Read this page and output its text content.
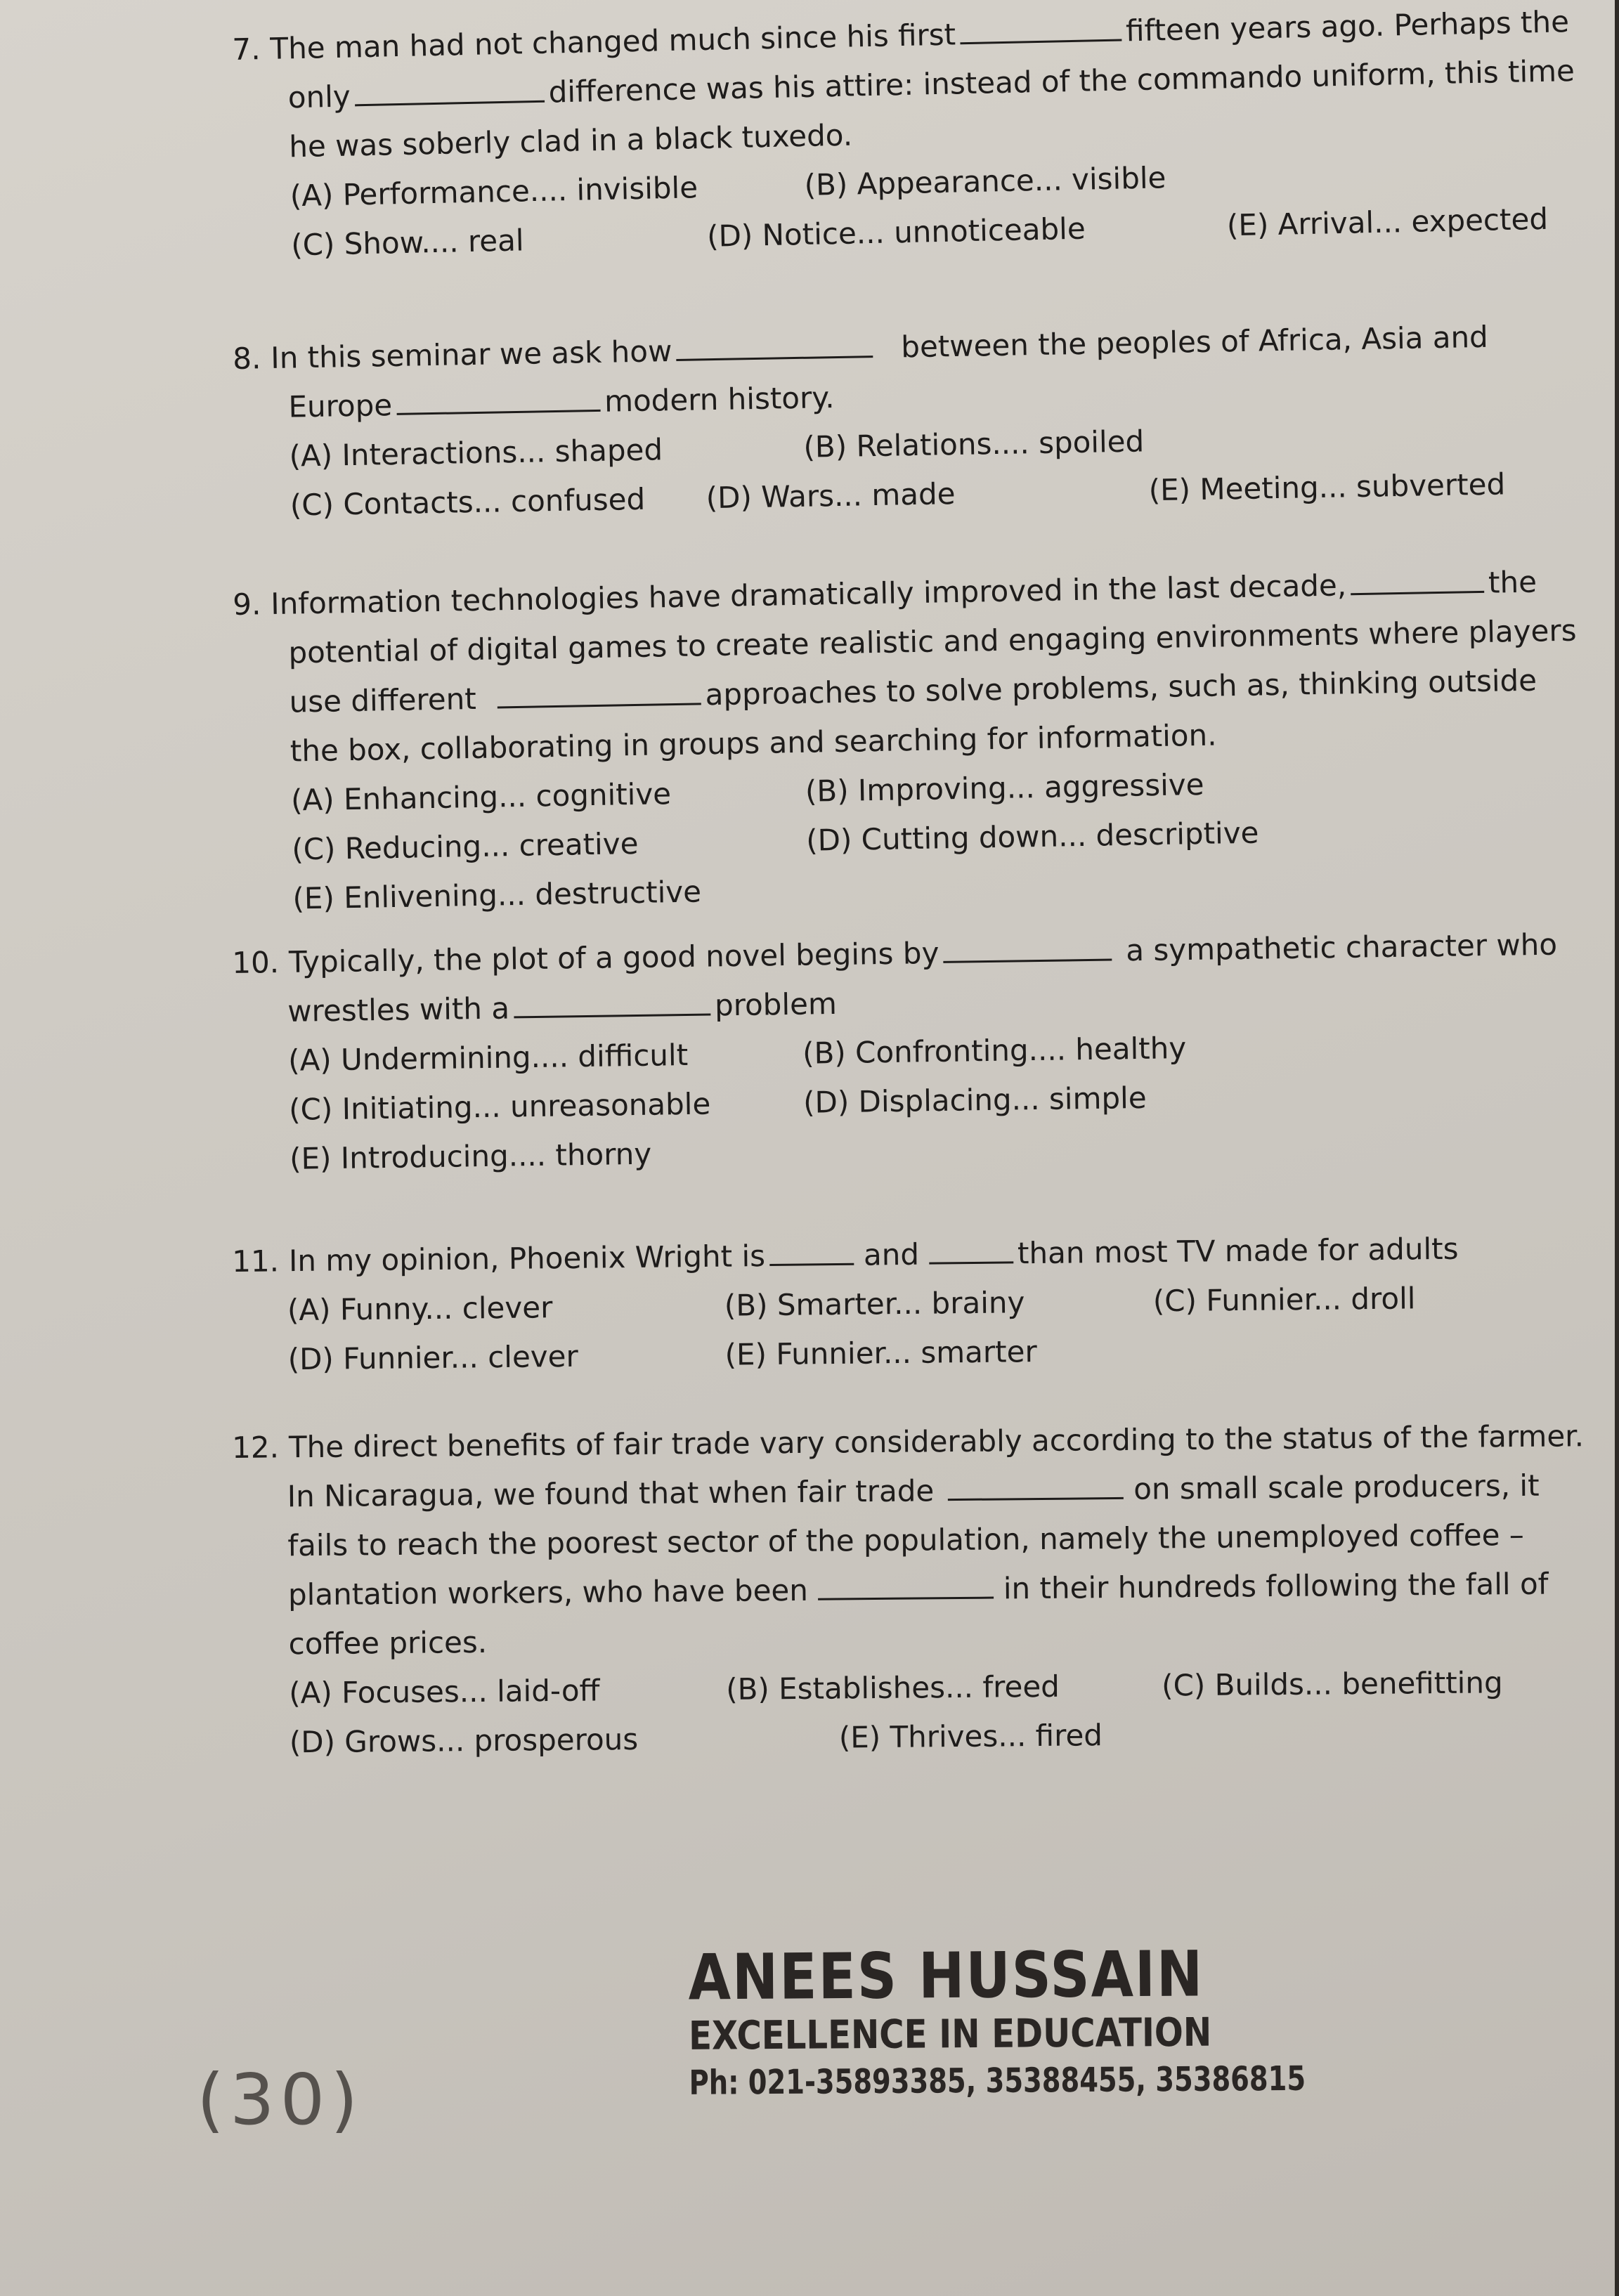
7. The man had not changed much since his first	fifteen years ago. Perhaps the
only	difference was his attire: instead of the commando uniform, this time
he was soberly clad in a black tuxedo.
(A) Performance.... invisible	(B) Appearance... visible
(C) Show.... real	(D) Notice... unnoticeable	(E) Arrival... expected
8. In this seminar we ask how	between the peoples of Africa, Asia and
Europe	modern history.
(A) Interactions... shaped	(B) Relations.... spoiled
(C) Contacts... confused (D) Wars... made	(E) Meeting... subverted
9. Information technologies have dramatically improved in the last decade,	the
potential of digital games to create realistic and engaging environments where players
use different	approaches to solve problems, such as, thinking outside
the box, collaborating in groups and searching for information.
(A) Enhancing... cognitive	(B) Improving... aggressive
(C) Reducing... creative	(D) Cutting down... descriptive
(E) Enlivening... destructive
10. Typically, the plot of a good novel begins by	a sympathetic character who
wrestles with a	problem
(A) Undermining.... difficult	(B) Confronting.... healthy
(C) Initiating... unreasonable	(D) Displacing... simple
(E) Introducing.... thorny
11. In my opinion, Phoenix Wright is	and	than most TV made for adults
(A) Funny... clever	(B) Smarter... brainy	(C) Funnier... droll
(D) Funnier... clever	(E) Funnier... smarter
12. The direct benefits of fair trade vary considerably according to the status of the farmer.
In Nicaragua, we found that when fair trade	on small scale producers, it
fails to reach the poorest sector of the population, namely the unemployed coffee –
plantation workers, who have been	in their hundreds following the fall of
coffee prices.
(A) Focuses... laid-off	(B) Establishes... freed	(C) Builds... benefitting
(D) Grows... prosperous	(E) Thrives... fired
ANEES HUSSAIN
EXCELLENCE IN EDUCATION
Ph: 021-35893385, 35388455, 35386815
(30)
